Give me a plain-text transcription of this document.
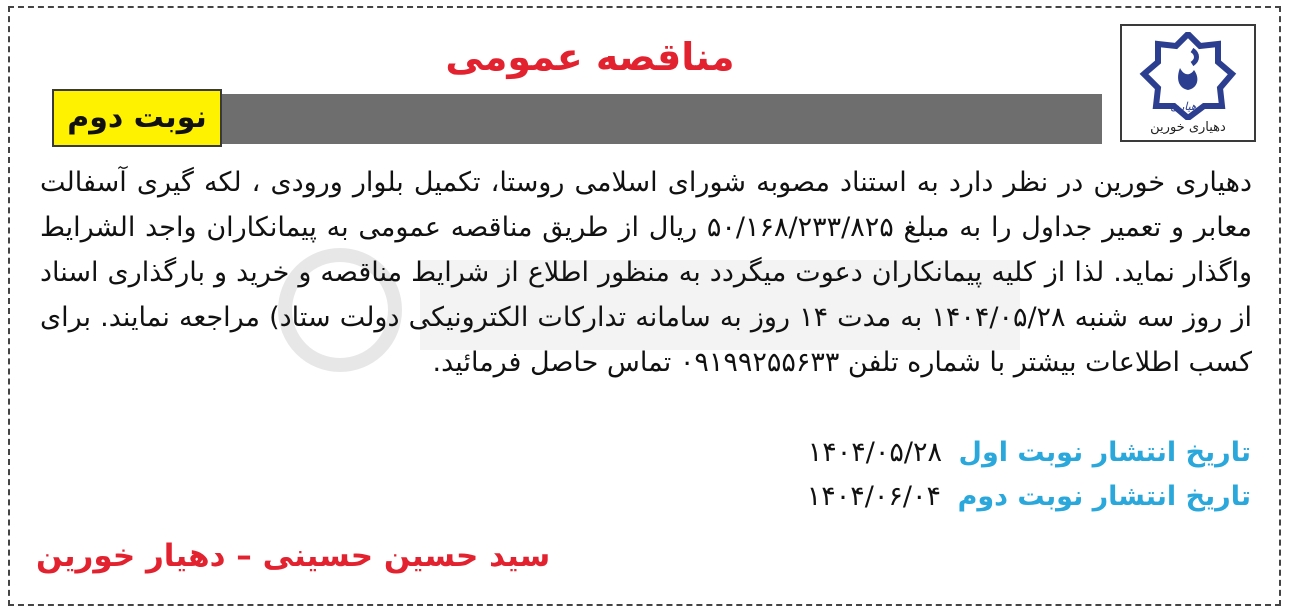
مناقصه عمومی
نوبت دوم	دهیاری
دهیاری خورین
دهیاری خورین در نظر دارد به استناد مصوبه شورای اسلامی روستا، تکمیل بلوار ورودی ، لکه گیری آسفالت معابر و تعمیر جداول را به مبلغ ۵۰/۱۶۸/۲۳۳/۸۲۵ ریال از طریق مناقصه عمومی به پیمانکاران واجد الشرایط واگذار نماید. لذا از کلیه پیمانکاران دعوت میگردد به منظور اطلاع از شرایط مناقصه و خرید و بارگذاری اسناد از روز سه شنبه ۱۴۰۴/۰۵/۲۸ به مدت ۱۴ روز به سامانه تدارکات الکترونیکی دولت ستاد) مراجعه نمایند. برای کسب اطلاعات بیشتر با شماره تلفن ۰۹۱۹۹۲۵۵۶۳۳ تماس حاصل فرمائید.
تاریخ انتشار نوبت اول ۱۴۰۴/۰۵/۲۸
تاریخ انتشار نوبت دوم ۱۴۰۴/۰۶/۰۴
سید حسین حسینی – دهیار خورین
